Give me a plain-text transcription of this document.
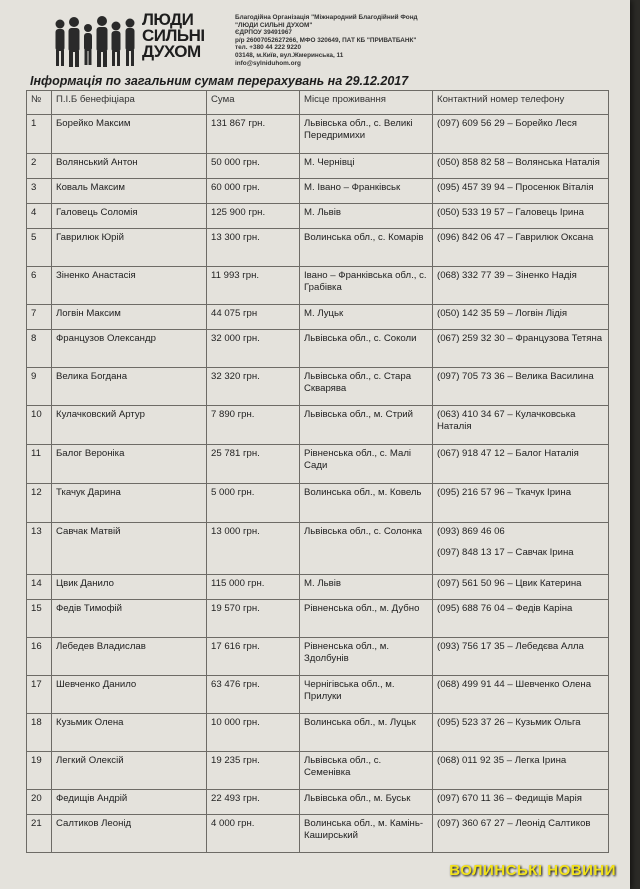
ЛЮДИ
СИЛЬНІ
ДУХОМ
Благодійна Організація "Міжнародний Благодійний Фонд
"ЛЮДИ СИЛЬНІ ДУХОМ"
ЄДРПОУ 39491967
р/р 26007052627266, МФО 320649, ПАТ КБ "ПРИВАТБАНК"
тел. +380 44 222 9220
03148, м.Київ, вул.Жмеринська, 11
info@sylniduhom.org
Інформація по загальним сумам перерахувань на 29.12.2017
№	П.І.Б бенефіціара	Сума	Місце проживання	Контактний номер телефону
1	Борейко Максим	131 867 грн.	Львівська обл., с. Великі Передримихи	(097) 609 56 29 – Борейко Леся

2	Волянський Антон	50 000 грн.	М. Чернівці	(050) 858 82 58 – Волянська Наталія

3	Коваль Максим	60 000 грн.	М. Івано – Франківськ	(095) 457 39 94 – Просенюк Віталія

4	Галовець Соломія	125 900 грн.	М. Львів	(050) 533 19 57 – Галовець Ірина

5	Гаврилюк Юрій	13 300 грн.	Волинська обл., с. Комарів	(096) 842 06 47 – Гаврилюк Оксана

6	Зіненко Анастасія	11 993 грн.	Івано – Франківська обл., с. Грабівка	(068) 332 77 39 – Зіненко Надія

7	Логвін Максим	44 075 грн	М. Луцьк	(050) 142 35 59 – Логвін Лідія

8	Французов Олександр	32 000 грн.	Львівська обл., с. Соколи	(067) 259 32 30 – Французова Тетяна

9	Велика Богдана	32 320 грн.	Львівська обл., с. Стара Скварява	(097) 705 73 36 – Велика Василина

10	Кулачковский Артур	7 890 грн.	Львівська обл., м. Стрий	(063) 410 34 67 – Кулачковська Наталія

11	Балог Вероніка	25 781 грн.	Рівненська обл., с. Малі Сади	(067) 918 47 12 – Балог Наталія

12	Ткачук Дарина	5 000 грн.	Волинська обл., м. Ковель	(095) 216 57 96 – Ткачук Ірина

13	Савчак Матвій	13 000 грн.	Львівська обл., с. Солонка	(093) 869 46 06
(097) 848 13 17 – Савчак Ірина

14	Цвик Данило	115 000 грн.	М. Львів	(097) 561 50 96 – Цвик Катерина

15	Федів Тимофій	19 570 грн.	Рівненська обл., м. Дубно	(095) 688 76 04 – Федів Каріна

16	Лебедев Владислав	17 616 грн.	Рівненська обл., м. Здолбунів	(093) 756 17 35 – Лебедєва Алла

17	Шевченко Данило	63 476 грн.	Чернігівська обл., м. Прилуки	(068) 499 91 44 – Шевченко Олена

18	Кузьмик Олена	10 000 грн.	Волинська обл., м. Луцьк	(095) 523 37 26 – Кузьмик Ольга

19	Легкий Олексій	19 235 грн.	Львівська обл., с. Семенівка	(068) 011 92 35 – Легка Ірина

20	Федищів Андрій	22 493 грн.	Львівська обл., м. Буськ	(097) 670 11 36 – Федищів Марія

21	Салтиков Леонід	4 000 грн.	Волинська обл., м. Камінь-Каширський	(097) 360 67 27 – Леонід Салтиков
ВОЛИНСЬКІ НОВИНИ
